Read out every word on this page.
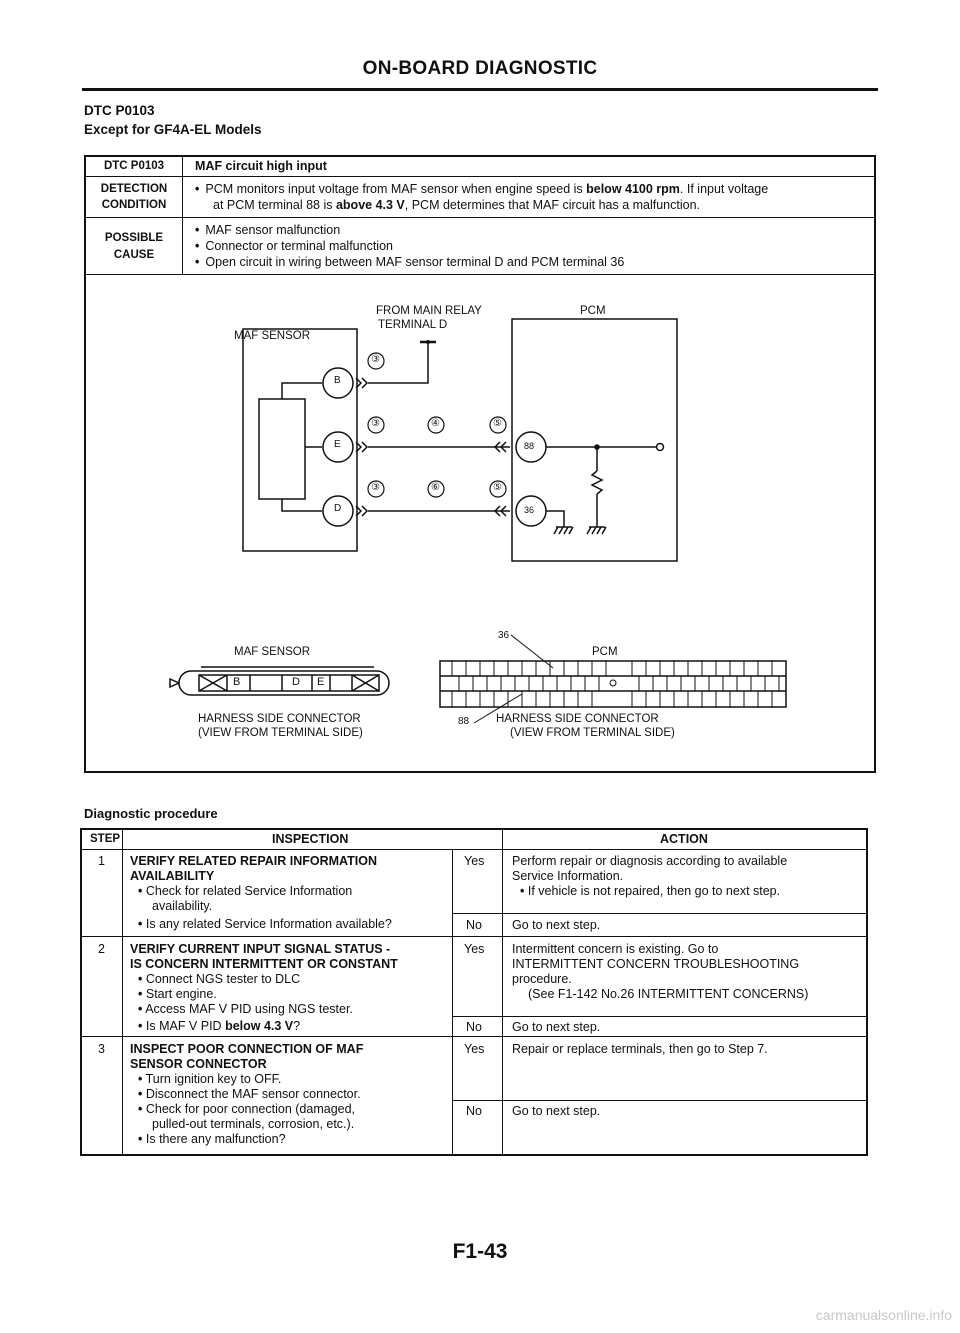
ON-BOARD DIAGNOSTIC
DTC P0103
Except for GF4A-EL Models
DTC P0103	MAF circuit high input
DETECTION
CONDITION
• PCM monitors input voltage from MAF sensor when engine speed is below 4100 rpm. If input voltage
at PCM terminal 88 is above 4.3 V, PCM determines that MAF circuit has a malfunction.
POSSIBLE
CAUSE
• MAF sensor malfunction
• Connector or terminal malfunction
• Open circuit in wiring between MAF sensor terminal D and PCM terminal 36
FROM MAIN RELAY
TERMINAL D
MAF SENSOR
PCM
B
E
D
88
36
③
③	④	⑤
③	⑥	⑤
MAF SENSOR
B	D E
HARNESS SIDE CONNECTOR
(VIEW FROM TERMINAL SIDE)
36
PCM
88 HARNESS SIDE CONNECTOR
(VIEW FROM TERMINAL SIDE)
Diagnostic procedure
STEP	INSPECTION	ACTION
1 VERIFY RELATED REPAIR INFORMATION
AVAILABILITY
• Check for related Service Information
availability.
• Is any related Service Information available?
Yes Perform repair or diagnosis according to available
Service Information.
• If vehicle is not repaired, then go to next step.
No Go to next step.
2 VERIFY CURRENT INPUT SIGNAL STATUS -
IS CONCERN INTERMITTENT OR CONSTANT
• Connect NGS tester to DLC
• Start engine.
• Access MAF V PID using NGS tester.
• Is MAF V PID below 4.3 V?
Yes Intermittent concern is existing. Go to
INTERMITTENT CONCERN TROUBLESHOOTING
procedure.
(See F1-142 No.26 INTERMITTENT CONCERNS)
No Go to next step.
3 INSPECT POOR CONNECTION OF MAF
SENSOR CONNECTOR
• Turn ignition key to OFF.
• Disconnect the MAF sensor connector.
• Check for poor connection (damaged,
pulled-out terminals, corrosion, etc.).
• Is there any malfunction?
Yes Repair or replace terminals, then go to Step 7.
No Go to next step.
F1-43
carmanualsonline.info
